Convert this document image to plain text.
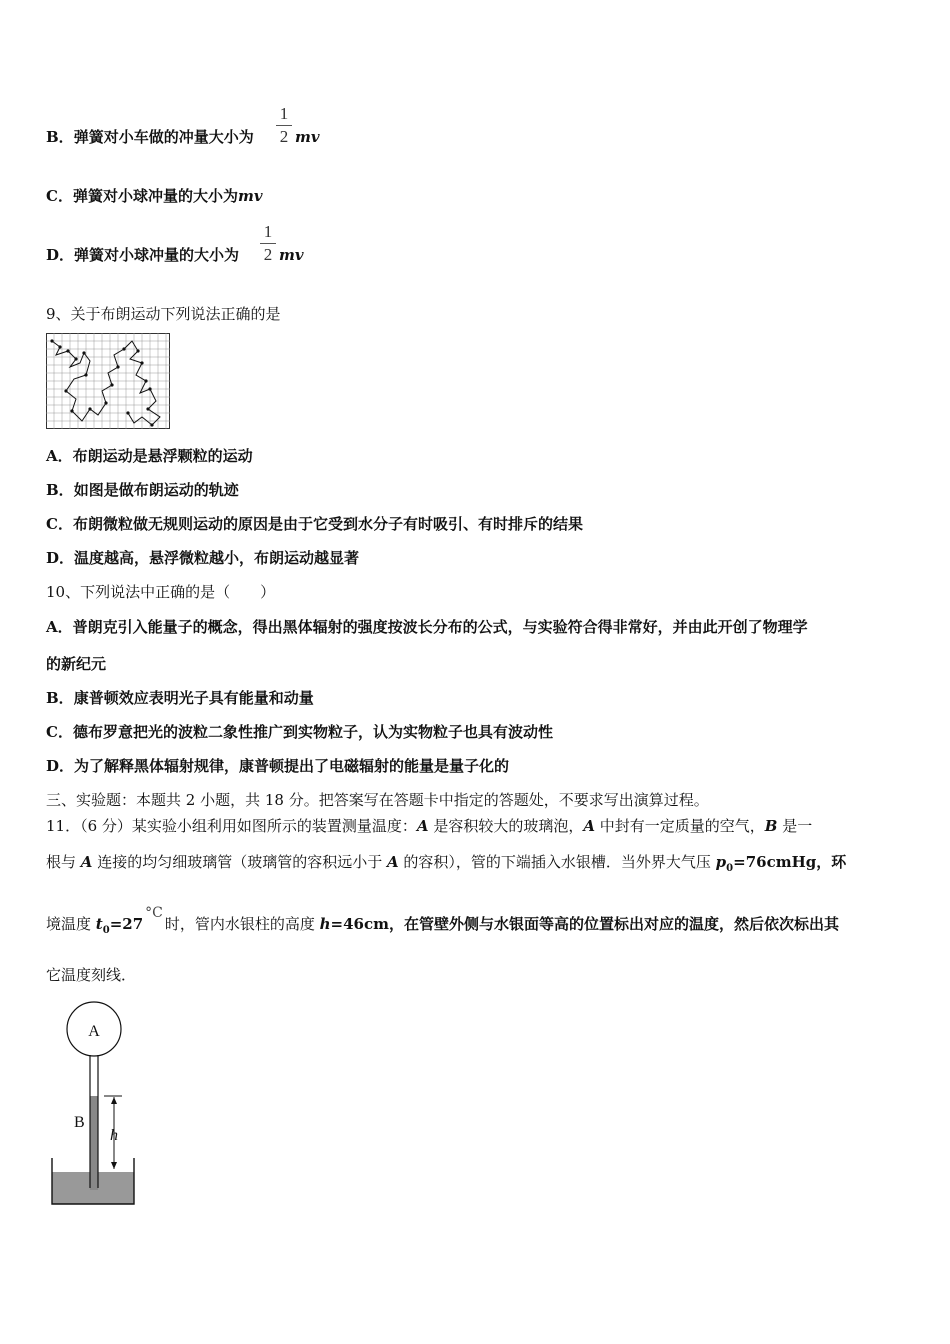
B．弹簧对小车做的冲量大小为
1
2 mv
C．弹簧对小球冲量的大小为mv
D．弹簧对小球冲量的大小为
1
2 mv
9、关于布朗运动下列说法正确的是
A．布朗运动是悬浮颗粒的运动
B．如图是做布朗运动的轨迹
C．布朗微粒做无规则运动的原因是由于它受到水分子有时吸引、有时排斥的结果
D．温度越高，悬浮微粒越小，布朗运动越显著
10、下列说法中正确的是（　　）
A．普朗克引入能量子的概念，得出黑体辐射的强度按波长分布的公式，与实验符合得非常好，并由此开创了物理学
的新纪元
B．康普顿效应表明光子具有能量和动量
C．德布罗意把光的波粒二象性推广到实物粒子，认为实物粒子也具有波动性
D．为了解释黑体辐射规律，康普顿提出了电磁辐射的能量是量子化的
三、实验题：本题共 2 小题，共 18 分。把答案写在答题卡中指定的答题处，不要求写出演算过程。
11．（6 分）某实验小组利用如图所示的装置测量温度：A 是容积较大的玻璃泡，A 中封有一定质量的空气，B 是一
根与 A 连接的均匀细玻璃管（玻璃管的容积远小于 A 的容积），管的下端插入水银槽．当外界大气压 $p_0=76cmHg$，环
境温度 $t_0=27^\circ C$时，管内水银柱的高度 h=46cm，在管壁外侧与水银面等高的位置标出对应的温度，然后依次标出其
它温度刻线．
A
B
h
